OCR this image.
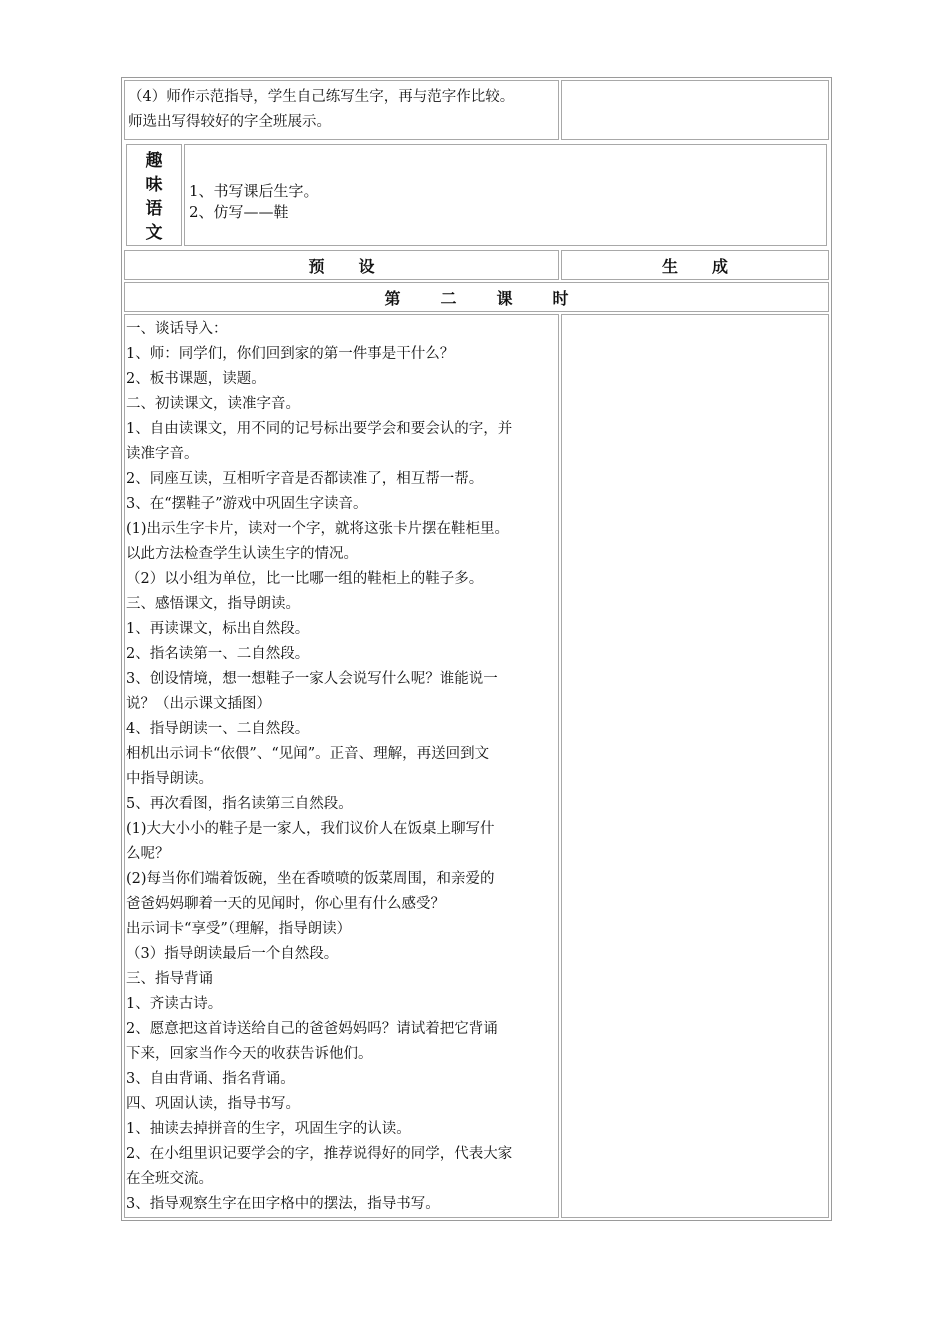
（4）师作示范指导，学生自己练写生字，再与范字作比较。
师选出写得较好的字全班展示。

趣
味
语
文

1、书写课后生字。
2、仿写——鞋

预 设	生 成
第	二	课	时

一、谈话导入：

1、师：同学们，你们回到家的第一件事是干什么？

2、板书课题，读题。

二、初读课文，读准字音。

1、自由读课文，用不同的记号标出要学会和要会认的字，并

读准字音。

2、同座互读，互相听字音是否都读准了，相互帮一帮。

3、在“摆鞋子”游戏中巩固生字读音。

(1)出示生字卡片，读对一个字，就将这张卡片摆在鞋柜里。

以此方法检查学生认读生字的情况。

（2）以小组为单位，比一比哪一组的鞋柜上的鞋子多。

三、感悟课文，指导朗读。

1、再读课文，标出自然段。

2、指名读第一、二自然段。

3、创设情境，想一想鞋子一家人会说写什么呢？谁能说一

说？（出示课文插图）

4、指导朗读一、二自然段。

相机出示词卡“依偎”、“见闻”。正音、理解，再送回到文

中指导朗读。

5、再次看图，指名读第三自然段。

(1)大大小小的鞋子是一家人，我们议价人在饭桌上聊写什

么呢？

(2)每当你们端着饭碗，坐在香喷喷的饭菜周围，和亲爱的

爸爸妈妈聊着一天的见闻时，你心里有什么感受？

出示词卡“享受”（理解，指导朗读）

（3）指导朗读最后一个自然段。

三、指导背诵

1、齐读古诗。

2、愿意把这首诗送给自己的爸爸妈妈吗？请试着把它背诵

下来，回家当作今天的收获告诉他们。

3、自由背诵、指名背诵。

四、巩固认读，指导书写。

1、抽读去掉拼音的生字，巩固生字的认读。

2、在小组里识记要学会的字，推荐说得好的同学，代表大家

在全班交流。

3、指导观察生字在田字格中的摆法，指导书写。
